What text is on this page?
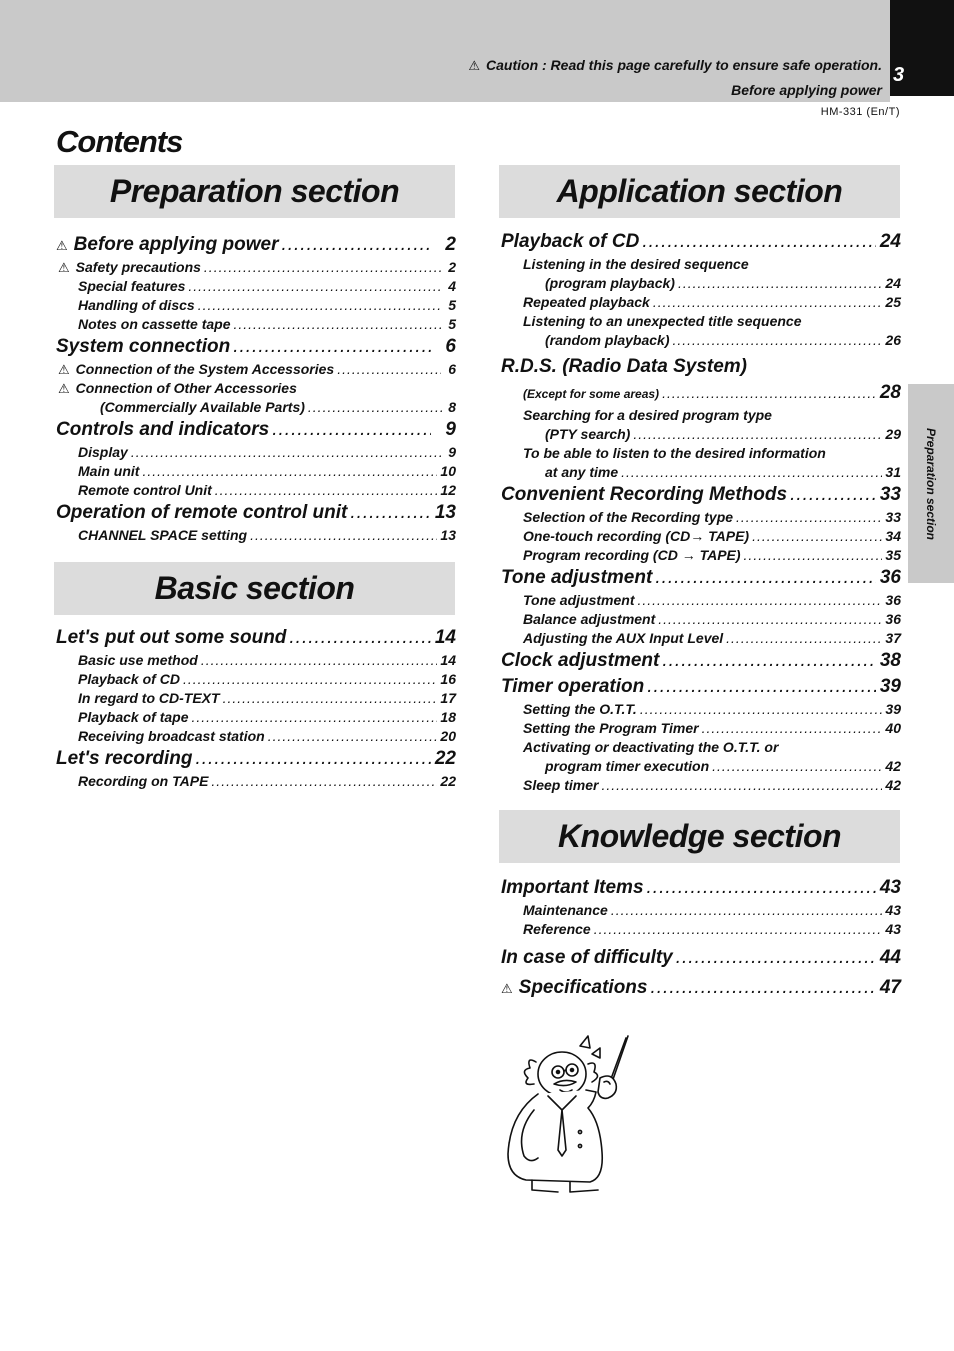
3
⚠ Caution : Read this page carefully to ensure safe operation.
Before applying power
HM-331 (En/T)
Contents
Preparation section
⚠ Before applying power .....	2
⚠ Safety precautions .....	2
Special features .....	4
Handling of discs .....	5
Notes on cassette tape .....	5
System connection .....	6
⚠ Connection of the System Accessories .....	6
⚠ Connection of Other Accessories
(Commercially Available Parts) .....	8
Controls and indicators .....	9
Display .....	9
Main unit .....	10
Remote control Unit .....	12
Operation of remote control unit .....	13
CHANNEL SPACE setting .....	13
Basic section
Let's put out some sound .....	14
Basic use method .....	14
Playback of CD .....	16
In regard to CD-TEXT .....	17
Playback of tape .....	18
Receiving broadcast station .....	20
Let's recording .....	22
Recording on TAPE .....	22
Application section
Playback of CD .....	24
Listening in the desired sequence
(program playback) .....	24
Repeated playback .....	25
Listening to an unexpected title sequence
(random playback) .....	26
R.D.S. (Radio Data System)
(Except for some areas) .....	28
Searching for a desired program type
(PTY search) .....	29
To be able to listen to the desired information
at any time .....	31
Convenient Recording Methods .....	33
Selection of the Recording type .....	33
One-touch recording (CD→ TAPE) .....	34
Program recording (CD → TAPE) .....	35
Tone adjustment .....	36
Tone adjustment .....	36
Balance adjustment .....	36
Adjusting the AUX Input Level .....	37
Clock adjustment .....	38
Timer operation .....	39
Setting the O.T.T. .....	39
Setting the Program Timer .....	40
Activating or deactivating the O.T.T. or
program timer execution .....	42
Sleep timer .....	42
Knowledge section
Important Items .....	43
Maintenance .....	43
Reference .....	43
In case of difficulty .....	44
⚠ Specifications .....	47
Preparation section
